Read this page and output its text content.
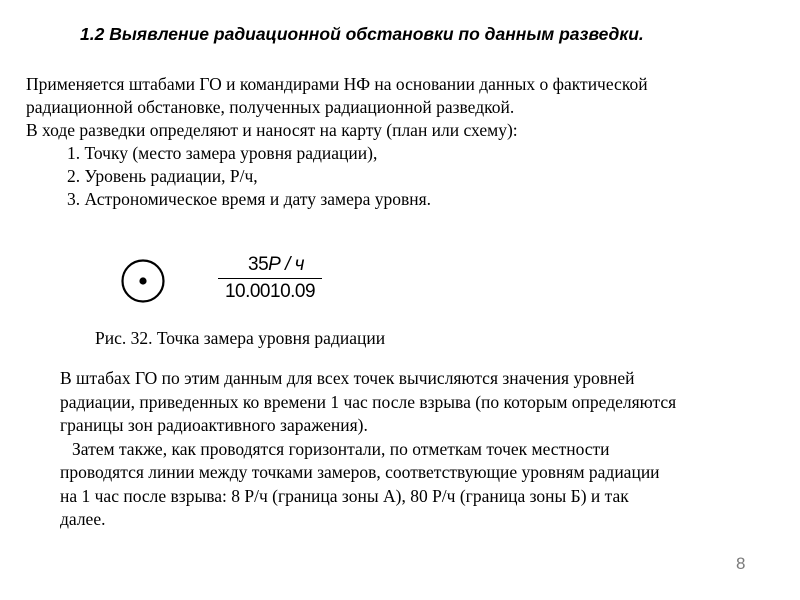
1.2 Выявление радиационной обстановки по данным разведки.
Применяется штабами ГО и командирами НФ на основании данных о фактической
радиационной обстановке, полученных радиационной разведкой.
В ходе разведки определяют и наносят на карту (план или схему):
1. Точку (место замера уровня радиации),
2. Уровень радиации, Р/ч,
3. Астрономическое время и дату замера уровня.
35Р / ч
10.0010.09
Рис. 32. Точка замера уровня радиации
В штабах ГО по этим данным для всех точек вычисляются значения уровней
радиации, приведенных ко времени 1 час после взрыва (по которым определяются
границы зон радиоактивного заражения).
Затем также, как проводятся горизонтали, по отметкам точек местности
проводятся линии между точками замеров, соответствующие уровням радиации
на 1 час после взрыва: 8 Р/ч (граница зоны А), 80 Р/ч (граница зоны Б) и так
далее.
8
